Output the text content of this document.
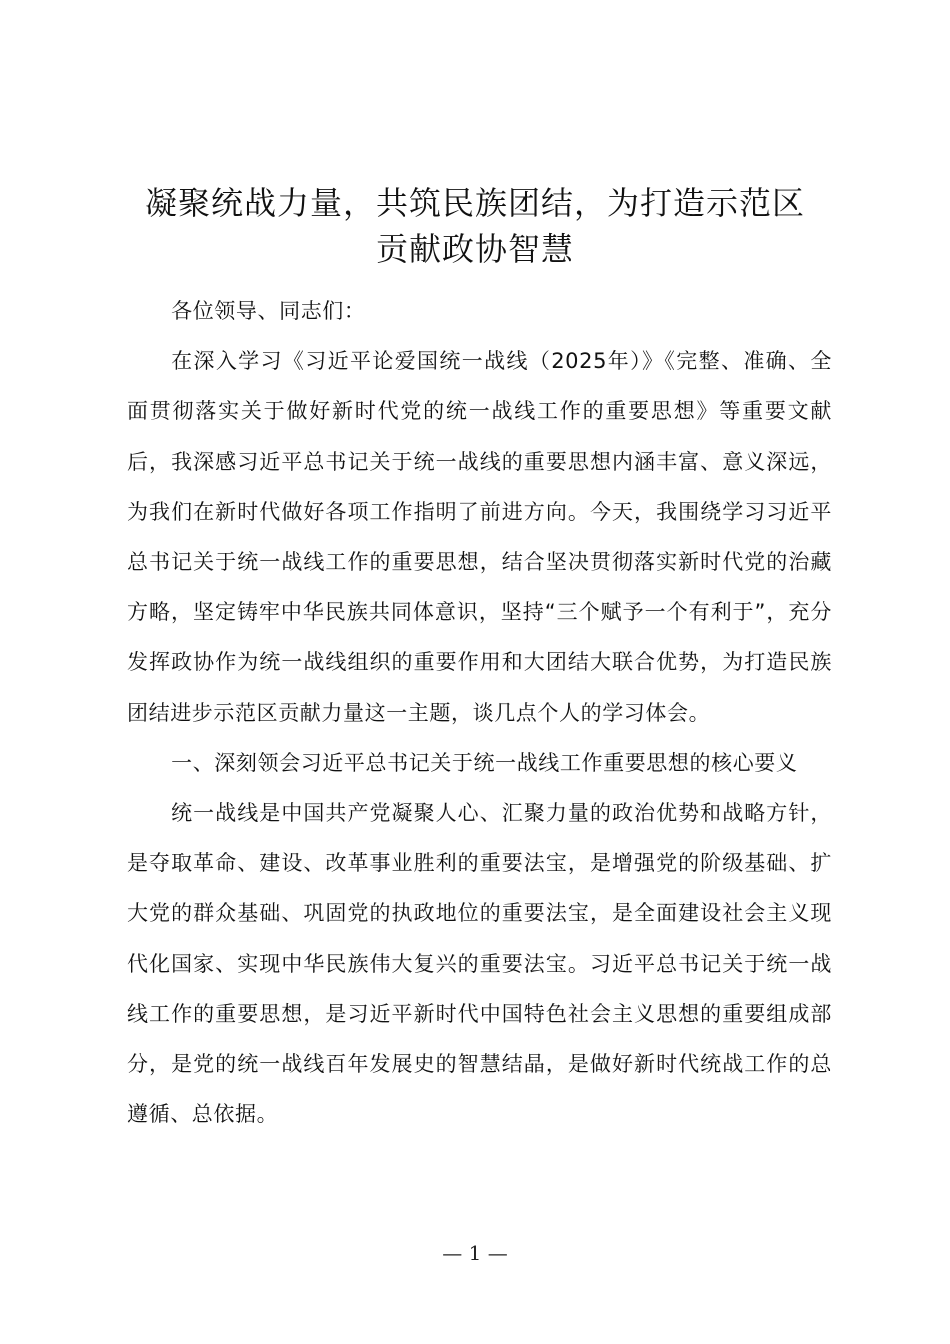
凝聚统战力量，共筑民族团结，为打造示范区
贡献政协智慧

各位领导、同志们：

在深入学习《习近平论爱国统一战线（2025年）》《完整、准确、全面贯彻落实关于做好新时代党的统一战线工作的重要思想》等重要文献后，我深感习近平总书记关于统一战线的重要思想内涵丰富、意义深远，为我们在新时代做好各项工作指明了前进方向。今天，我围绕学习习近平总书记关于统一战线工作的重要思想，结合坚决贯彻落实新时代党的治藏方略，坚定铸牢中华民族共同体意识，坚持“三个赋予一个有利于”，充分发挥政协作为统一战线组织的重要作用和大团结大联合优势，为打造民族团结进步示范区贡献力量这一主题，谈几点个人的学习体会。

一、深刻领会习近平总书记关于统一战线工作重要思想的核心要义

统一战线是中国共产党凝聚人心、汇聚力量的政治优势和战略方针，是夺取革命、建设、改革事业胜利的重要法宝，是增强党的阶级基础、扩大党的群众基础、巩固党的执政地位的重要法宝，是全面建设社会主义现代化国家、实现中华民族伟大复兴的重要法宝。习近平总书记关于统一战线工作的重要思想，是习近平新时代中国特色社会主义思想的重要组成部分，是党的统一战线百年发展史的智慧结晶，是做好新时代统战工作的总遵循、总依据。

— 1 —
